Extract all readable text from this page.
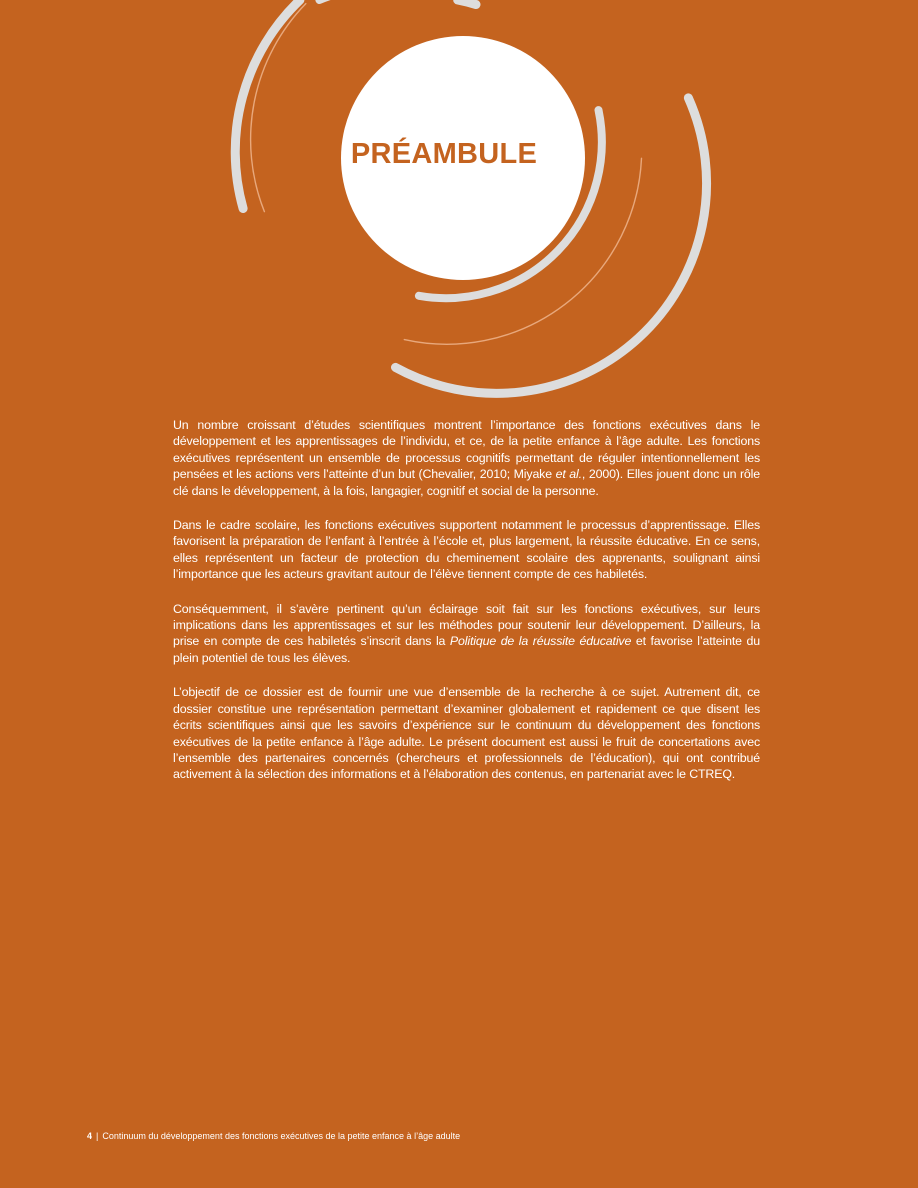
PRÉAMBULE

Un nombre croissant d’études scientifiques montrent l’importance des fonctions exécutives dans le développement et les apprentissages de l’individu, et ce, de la petite enfance à l’âge adulte. Les fonctions exécutives représentent un ensemble de processus cognitifs permettant de réguler intentionnellement les pensées et les actions vers l’atteinte d’un but (Chevalier, 2010; Miyake et al., 2000). Elles jouent donc un rôle clé dans le développement, à la fois, langagier, cognitif et social de la personne.

Dans le cadre scolaire, les fonctions exécutives supportent notamment le processus d’apprentissage. Elles favorisent la préparation de l’enfant à l’entrée à l’école et, plus largement, la réussite éducative. En ce sens, elles représentent un facteur de protection du cheminement scolaire des apprenants, soulignant ainsi l’importance que les acteurs gravitant autour de l’élève tiennent compte de ces habiletés.

Conséquemment, il s’avère pertinent qu’un éclairage soit fait sur les fonctions exécutives, sur leurs implications dans les apprentissages et sur les méthodes pour soutenir leur développement. D’ailleurs, la prise en compte de ces habiletés s’inscrit dans la Politique de la réussite éducative et favorise l’atteinte du plein potentiel de tous les élèves.

L’objectif de ce dossier est de fournir une vue d’ensemble de la recherche à ce sujet. Autrement dit, ce dossier constitue une représentation permettant d’examiner globalement et rapidement ce que disent les écrits scientifiques ainsi que les savoirs d’expérience sur le continuum du développement des fonctions exécutives de la petite enfance à l’âge adulte. Le présent document est aussi le fruit de concertations avec l’ensemble des partenaires concernés (chercheurs et professionnels de l’éducation), qui ont contribué activement à la sélection des informations et à l’élaboration des contenus, en partenariat avec le CTREQ.

4 | Continuum du développement des fonctions exécutives de la petite enfance à l’âge adulte
